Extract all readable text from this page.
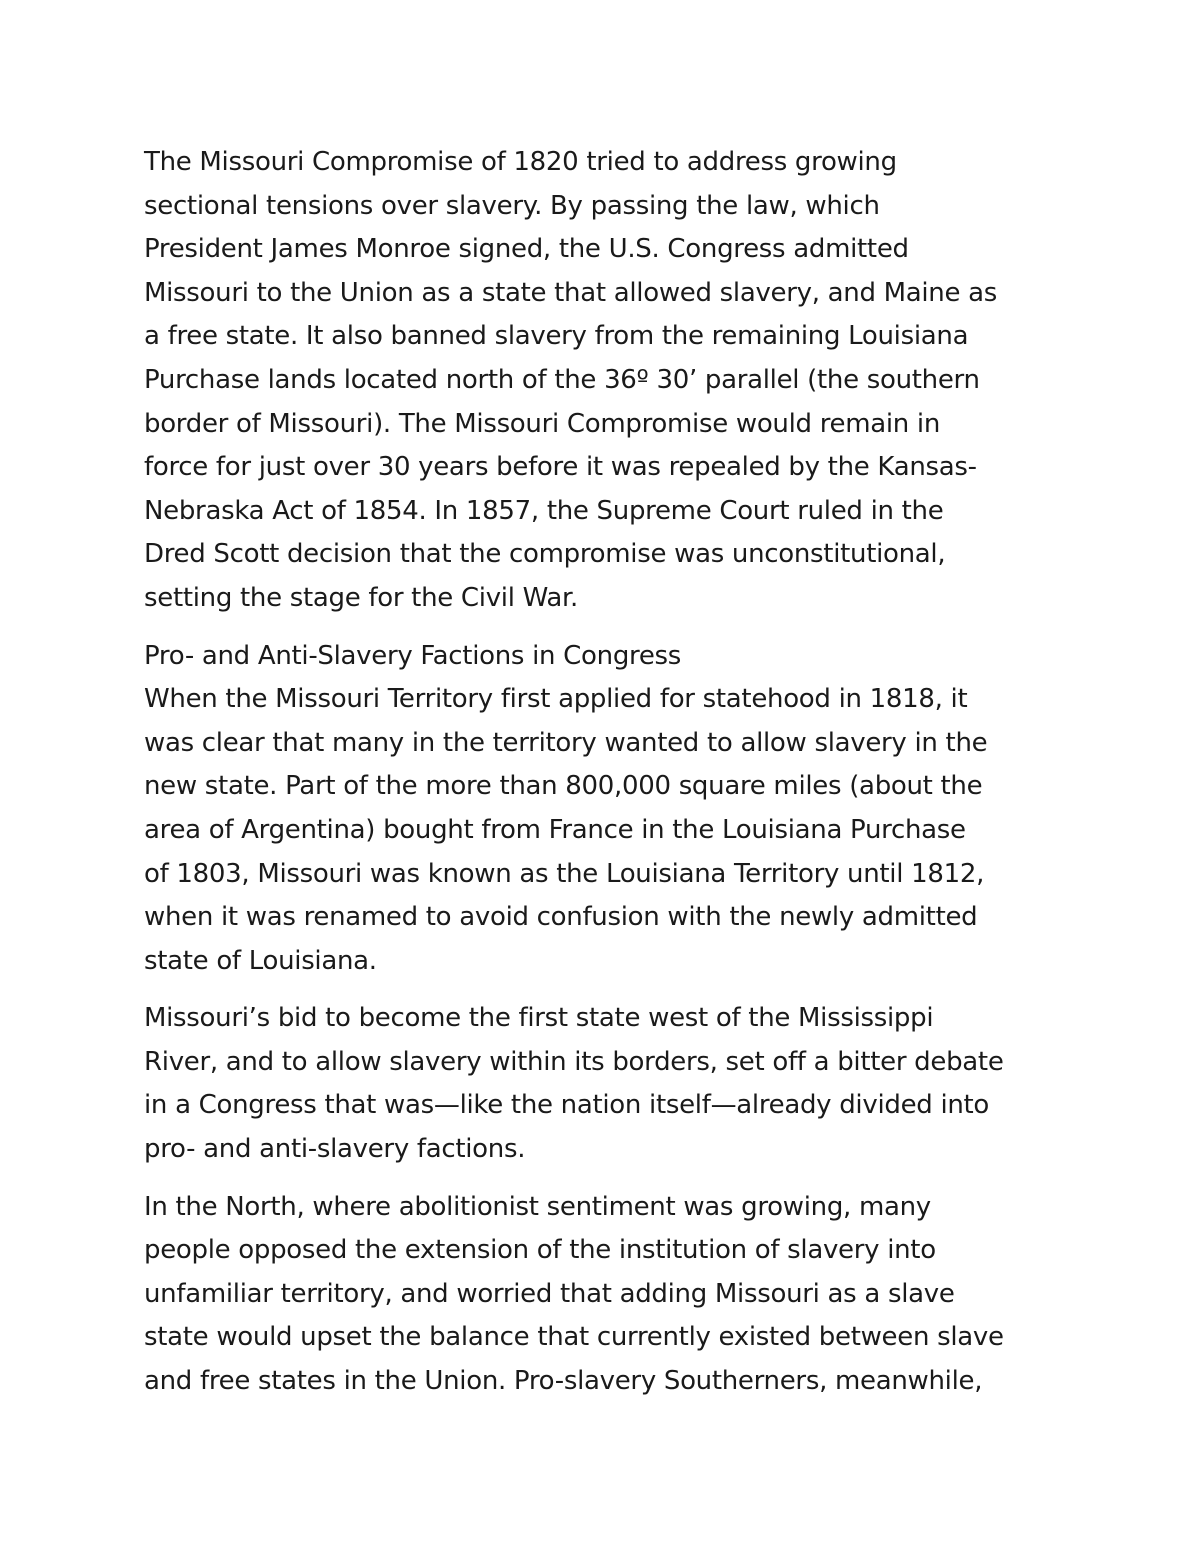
The Missouri Compromise of 1820 tried to address growing
sectional tensions over slavery. By passing the law, which
President James Monroe signed, the U.S. Congress admitted
Missouri to the Union as a state that allowed slavery, and Maine as
a free state. It also banned slavery from the remaining Louisiana
Purchase lands located north of the 36º 30’ parallel (the southern
border of Missouri). The Missouri Compromise would remain in
force for just over 30 years before it was repealed by the Kansas-
Nebraska Act of 1854. In 1857, the Supreme Court ruled in the
Dred Scott decision that the compromise was unconstitutional,
setting the stage for the Civil War.

Pro- and Anti-Slavery Factions in Congress

When the Missouri Territory first applied for statehood in 1818, it
was clear that many in the territory wanted to allow slavery in the
new state. Part of the more than 800,000 square miles (about the
area of Argentina) bought from France in the Louisiana Purchase
of 1803, Missouri was known as the Louisiana Territory until 1812,
when it was renamed to avoid confusion with the newly admitted
state of Louisiana.

Missouri’s bid to become the first state west of the Mississippi
River, and to allow slavery within its borders, set off a bitter debate
in a Congress that was—like the nation itself—already divided into
pro- and anti-slavery factions.

In the North, where abolitionist sentiment was growing, many
people opposed the extension of the institution of slavery into
unfamiliar territory, and worried that adding Missouri as a slave
state would upset the balance that currently existed between slave
and free states in the Union. Pro-slavery Southerners, meanwhile,
